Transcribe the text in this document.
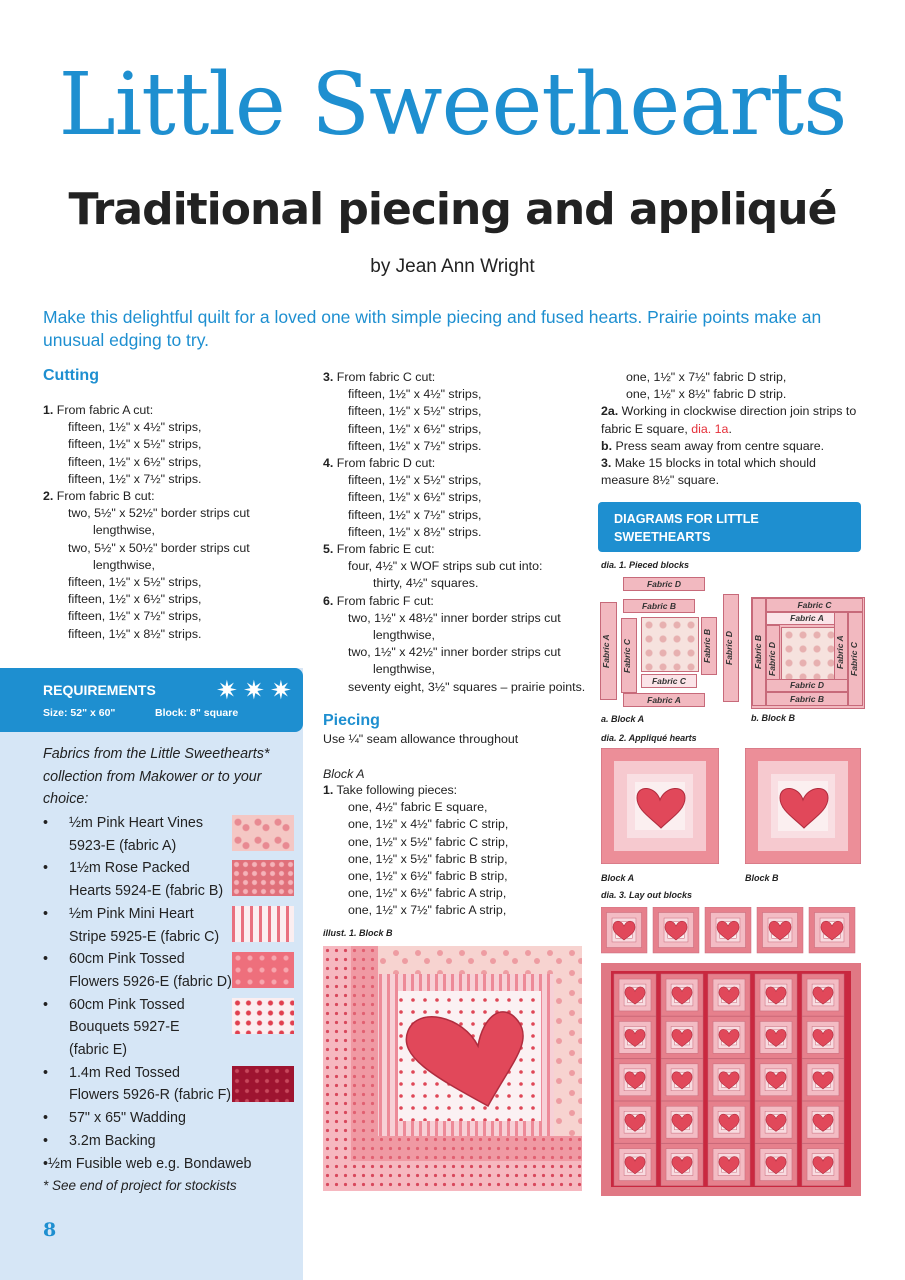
Little Sweethearts
Traditional piecing and appliqué
by Jean Ann Wright
Make this delightful quilt for a loved one with simple piecing and fused hearts. Prairie points make an unusual edging to try.
Cutting
1. From fabric A cut:
fifteen, 1½" x 4½" strips,
fifteen, 1½" x 5½" strips,
fifteen, 1½" x 6½" strips,
fifteen, 1½" x 7½" strips.
2. From fabric B cut:
two, 5½" x 52½" border strips cut
lengthwise,
two, 5½" x 50½" border strips cut
lengthwise,
fifteen, 1½" x 5½" strips,
fifteen, 1½" x 6½" strips,
fifteen, 1½" x 7½" strips,
fifteen, 1½" x 8½" strips.
REQUIREMENTS
Size: 52" x 60"	Block: 8" square
✷ ✷ ✷
Fabrics from the Little Sweethearts* collection from Makower or to your choice:
•	½m Pink Heart Vines
5923-E (fabric A)
•	1½m Rose Packed
Hearts 5924-E (fabric B)
•	½m Pink Mini Heart
Stripe 5925-E (fabric C)
•	60cm Pink Tossed
Flowers 5926-E (fabric D)
•	60cm Pink Tossed
Bouquets 5927-E
(fabric E)
•	1.4m Red Tossed
Flowers 5926-R (fabric F)
•	57" x 65" Wadding
•	3.2m Backing
• ½m Fusible web e.g. Bondaweb
* See end of project for stockists
8
3. From fabric C cut:
fifteen, 1½" x 4½" strips,
fifteen, 1½" x 5½" strips,
fifteen, 1½" x 6½" strips,
fifteen, 1½" x 7½" strips.
4. From fabric D cut:
fifteen, 1½" x 5½" strips,
fifteen, 1½" x 6½" strips,
fifteen, 1½" x 7½" strips,
fifteen, 1½" x 8½" strips.
5. From fabric E cut:
four, 4½" x WOF strips sub cut into:
thirty, 4½" squares.
6. From fabric F cut:
two, 1½" x 48½" inner border strips cut
lengthwise,
two, 1½" x 42½" inner border strips cut
lengthwise,
seventy eight, 3½" squares – prairie points.
Piecing
Use ¼" seam allowance throughout
Block A
1. Take following pieces:
one, 4½" fabric E square,
one, 1½" x 4½" fabric C strip,
one, 1½" x 5½" fabric C strip,
one, 1½" x 5½" fabric B strip,
one, 1½" x 6½" fabric B strip,
one, 1½" x 6½" fabric A strip,
one, 1½" x 7½" fabric A strip,
illust. 1. Block B
one, 1½" x 7½" fabric D strip,
one, 1½" x 8½" fabric D strip.
2a. Working in clockwise direction join strips to
fabric E square, dia. 1a.
b. Press seam away from centre square.
3. Make 15 blocks in total which should
measure 8½" square.
DIAGRAMS FOR LITTLE SWEETHEARTS
dia. 1. Pieced blocks
Fabric D
Fabric B
Fabric A Fabric C	Fabric B Fabric D
Fabric C
Fabric A
a. Block A
Fabric C
Fabric A
Fabric B Fabric D	Fabric A Fabric C
Fabric D
Fabric B
b. Block B
dia. 2. Appliqué hearts
Block A	Block B
dia. 3. Lay out blocks
